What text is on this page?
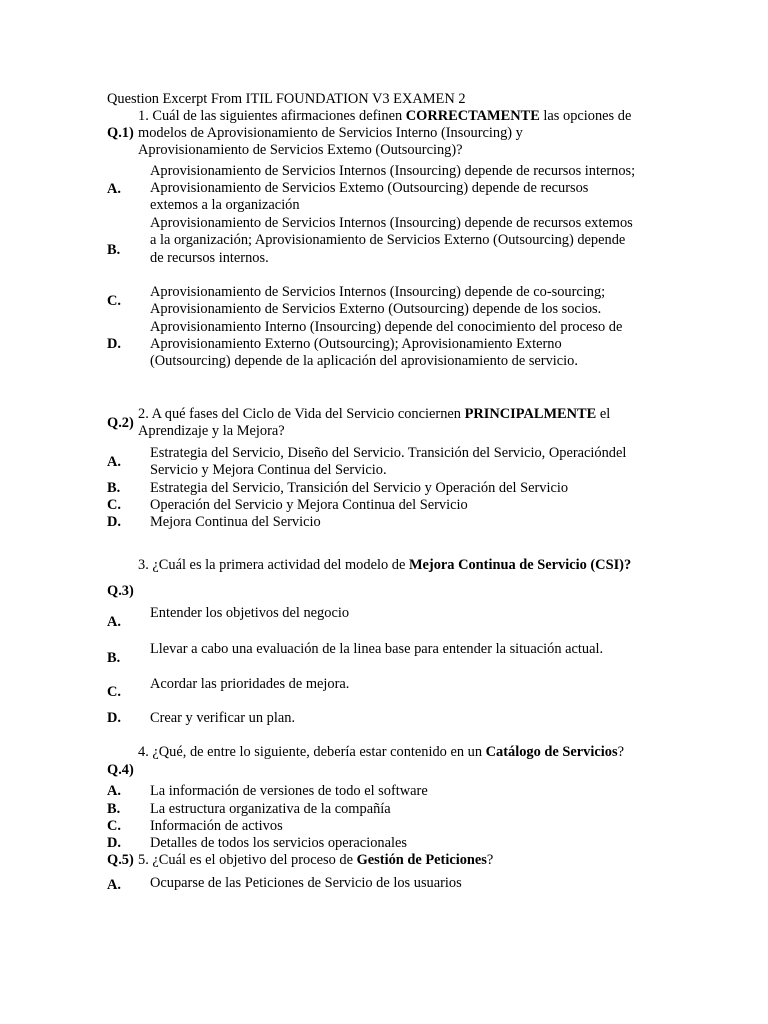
Question Excerpt From ITIL FOUNDATION V3 EXAMEN 2
1. Cuál de las siguientes afirmaciones definen CORRECTAMENTE las opciones de
Q.1) modelos de Aprovisionamiento de Servicios Interno (Insourcing) y
Aprovisionamiento de Servicios Extemo (Outsourcing)?
A.
Aprovisionamiento de Servicios Internos (Insourcing) depende de recursos internos;
Aprovisionamiento de Servicios Extemo (Outsourcing) depende de recursos
extemos a la organización
B.
Aprovisionamiento de Servicios Internos (Insourcing) depende de recursos extemos
a la organización; Aprovisionamiento de Servicios Externo (Outsourcing) depende
de recursos internos.
C.
Aprovisionamiento de Servicios Internos (Insourcing) depende de co-sourcing;
Aprovisionamiento de Servicios Externo (Outsourcing) depende de los socios.
D.
Aprovisionamiento Interno (Insourcing) depende del conocimiento del proceso de
Aprovisionamiento Externo (Outsourcing); Aprovisionamiento Externo
(Outsourcing) depende de la aplicación del aprovisionamiento de servicio.
2. A qué fases del Ciclo de Vida del Servicio conciernen PRINCIPALMENTE el
Q.2) Aprendizaje y la Mejora?
A.
Estrategia del Servicio, Diseño del Servicio. Transición del Servicio, Operacióndel
Servicio y Mejora Continua del Servicio.
B. Estrategia del Servicio, Transición del Servicio y Operación del Servicio
C. Operación del Servicio y Mejora Continua del Servicio
D. Mejora Continua del Servicio
3. ¿Cuál es la primera actividad del modelo de Mejora Continua de Servicio (CSI)?
Q.3)
A.
Entender los objetivos del negocio
B.
Llevar a cabo una evaluación de la linea base para entender la situación actual.
C. Acordar las prioridades de mejora.
D. Crear y verificar un plan.
4. ¿Qué, de entre lo siguiente, debería estar contenido en un Catálogo de Servicios?
Q.4)
A. La información de versiones de todo el software
B. La estructura organizativa de la compañía
C. Información de activos
D. Detalles de todos los servicios operacionales
Q.5) 5. ¿Cuál es el objetivo del proceso de Gestión de Peticiones?
A. Ocuparse de las Peticiones de Servicio de los usuarios
